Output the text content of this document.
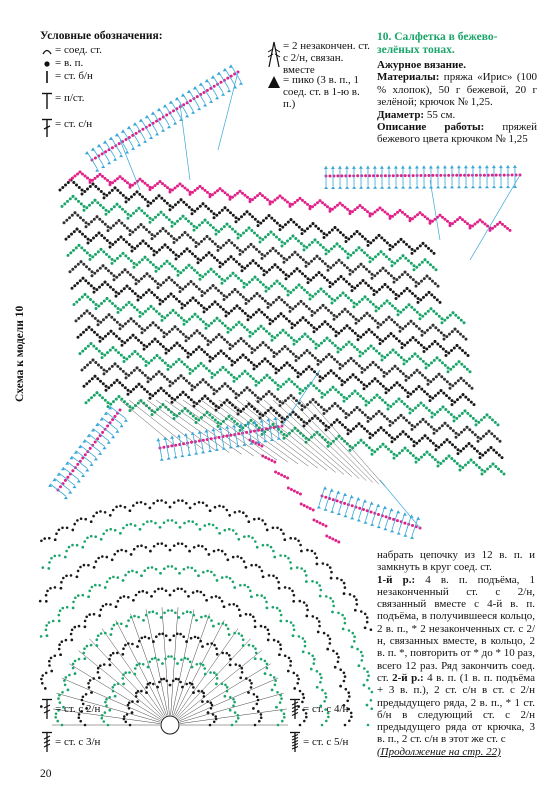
Условные обозначения:
= соед. ст.
= в. п.
= ст. б/н
= п/ст.
= ст. с/н
= 2 незакончен. ст. с 2/н, связан. вместе
= пико (3 в. п., 1 соед. ст. в 1-ю в. п.)
10. Салфетка в бежево-зелёных тонах.

Ажурное вязание.

Материалы: пряжа «Ирис» (100 % хлопок), 50 г бежевой, 20 г зелёной; крючок № 1,25.

Диаметр: 55 см.

Описание работы: пряжей бежевого цвета крючком № 1,25

Схема к модели 10

набрать цепочку из 12 в. п. и замкнуть в круг соед. ст.

1-й р.: 4 в. п. подъёма, 1 незаконченный ст. с 2/н, связанный вместе с 4-й в. п. подъёма, в получившееся кольцо, 2 в. п., * 2 незаконченных ст. с 2/н, связанных вместе, в кольцо, 2 в. п. *, повторить от * до * 10 раз, всего 12 раз. Ряд закончить соед. ст. 2-й р.: 4 в. п. (1 в. п. подъёма + 3 в. п.), 2 ст. с/н в ст. с 2/н предыдущего ряда, 2 в. п., * 1 ст. б/н в следующий ст. с 2/н предыдущего ряда от крючка, 3 в. п., 2 ст. с/н в этот же ст. с

(Продолжение на стр. 22)

= ст. с 2/н
= ст. с 3/н
= ст. с 4/н
= ст. с 5/н
20
